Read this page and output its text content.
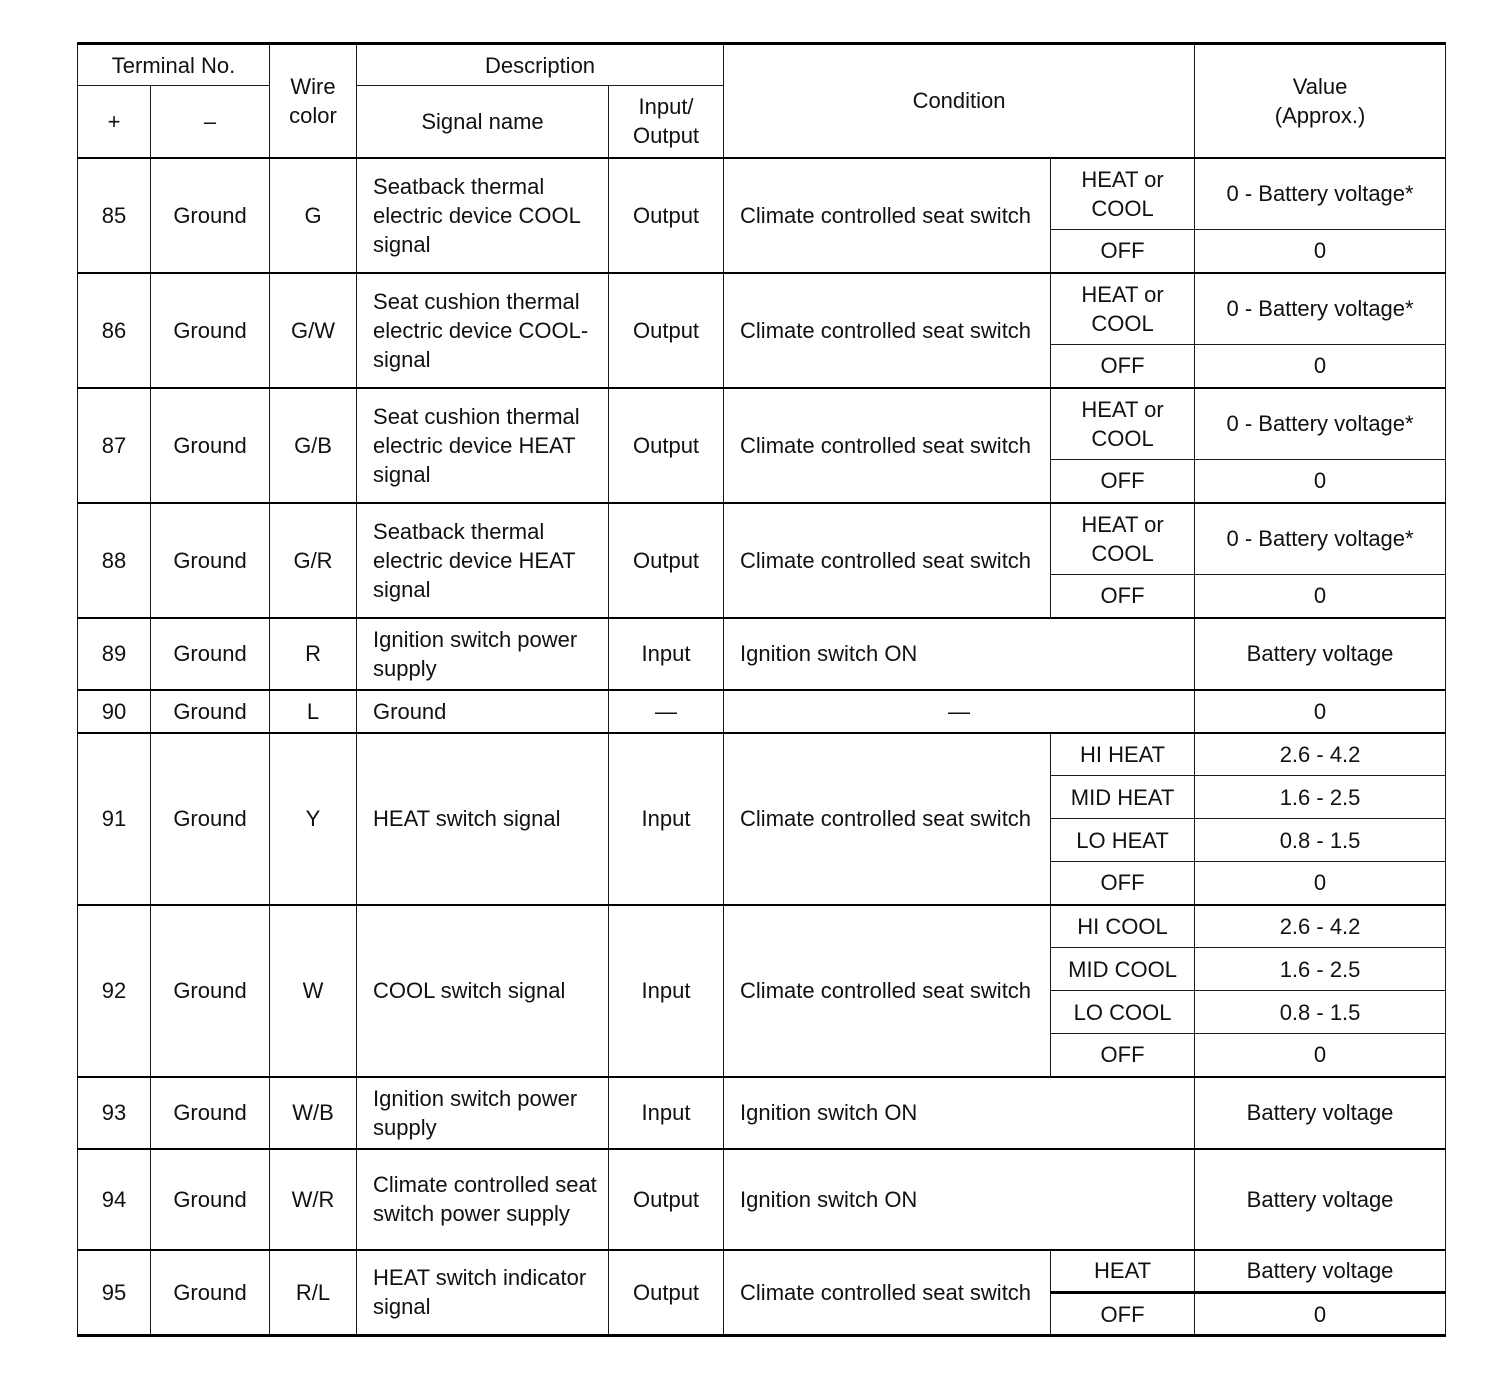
Terminal No.		Wire color	Description		Condition		Value (Approx.)
+	–		Signal name	Input/ Output			
85	Ground	G	Seatback thermal electric device COOL signal	Output	Climate controlled seat switch	HEAT or COOL	0 - Battery voltage*
						OFF	0
86	Ground	G/W	Seat cushion thermal electric device COOL-signal	Output	Climate controlled seat switch	HEAT or COOL	0 - Battery voltage*
						OFF	0
87	Ground	G/B	Seat cushion thermal electric device HEAT signal	Output	Climate controlled seat switch	HEAT or COOL	0 - Battery voltage*
						OFF	0
88	Ground	G/R	Seatback thermal electric device HEAT signal	Output	Climate controlled seat switch	HEAT or COOL	0 - Battery voltage*
						OFF	0
89	Ground	R	Ignition switch power supply	Input	Ignition switch ON		Battery voltage
90	Ground	L	Ground	—	—		0
91	Ground	Y	HEAT switch signal	Input	Climate controlled seat switch	HI HEAT	2.6 - 4.2
						MID HEAT	1.6 - 2.5
						LO HEAT	0.8 - 1.5
						OFF	0
92	Ground	W	COOL switch signal	Input	Climate controlled seat switch	HI COOL	2.6 - 4.2
						MID COOL	1.6 - 2.5
						LO COOL	0.8 - 1.5
						OFF	0
93	Ground	W/B	Ignition switch power supply	Input	Ignition switch ON		Battery voltage
94	Ground	W/R	Climate controlled seat switch power supply	Output	Ignition switch ON		Battery voltage
95	Ground	R/L	HEAT switch indicator signal	Output	Climate controlled seat switch	HEAT	Battery voltage
						OFF	0
